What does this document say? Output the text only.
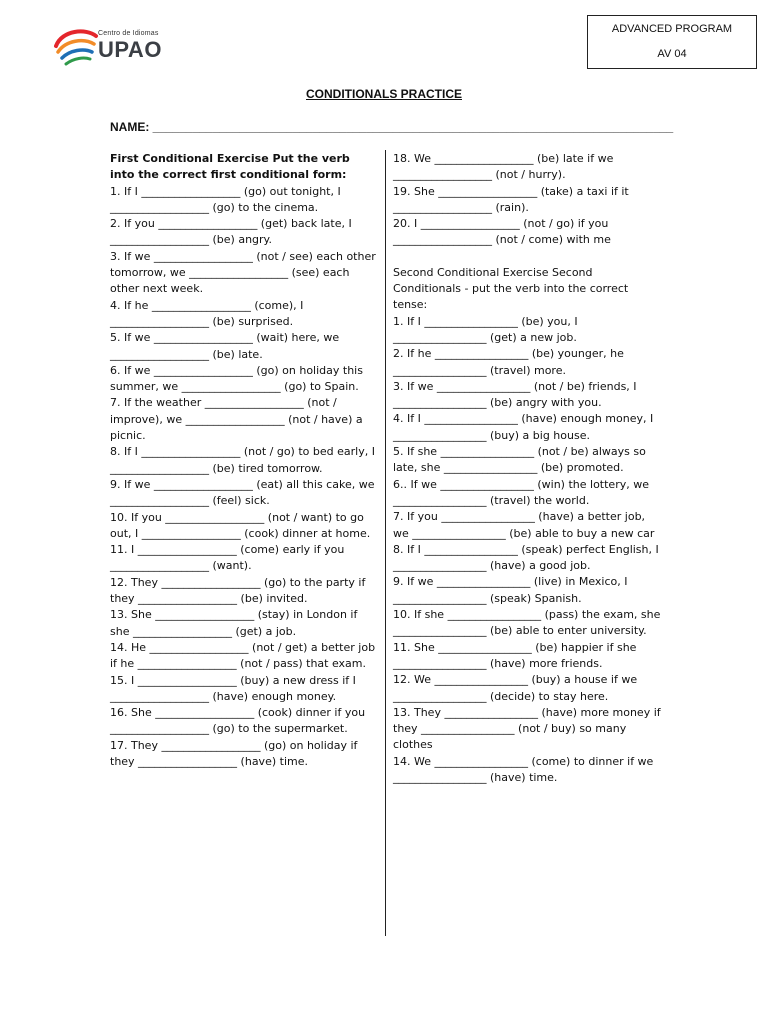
Centro de Idiomas
UPAO
ADVANCED PROGRAM
AV 04
CONDITIONALS PRACTICE
NAME: ______________________________________________________________________________

First Conditional Exercise Put the verb into the correct first conditional form:

1. If I __________________ (go) out tonight, I __________________ (go) to the cinema.

2. If you __________________ (get) back late, I __________________ (be) angry.

3. If we __________________ (not / see) each other tomorrow, we __________________ (see) each other next week.

4. If he __________________ (come), I __________________ (be) surprised.

5. If we __________________ (wait) here, we __________________ (be) late.

6. If we __________________ (go) on holiday this summer, we __________________ (go) to Spain.

7. If the weather __________________ (not / improve), we __________________ (not / have) a picnic.

8. If I __________________ (not / go) to bed early, I __________________ (be) tired tomorrow.

9. If we __________________ (eat) all this cake, we __________________ (feel) sick.

10. If you __________________ (not / want) to go out, I __________________ (cook) dinner at home.

11. I __________________ (come) early if you __________________ (want).

12. They __________________ (go) to the party if they __________________ (be) invited.

13. She __________________ (stay) in London if she __________________ (get) a job.

14. He __________________ (not / get) a better job if he __________________ (not / pass) that exam.

15. I __________________ (buy) a new dress if I __________________ (have) enough money.

16. She __________________ (cook) dinner if you __________________ (go) to the supermarket.

17. They __________________ (go) on holiday if they __________________ (have) time.

18. We __________________ (be) late if we __________________ (not / hurry).

19. She __________________ (take) a taxi if it __________________ (rain).

20. I __________________ (not / go) if you __________________ (not / come) with me

Second Conditional Exercise Second Conditionals - put the verb into the correct tense:

1. If I _________________ (be) you, I _________________ (get) a new job.

2. If he _________________ (be) younger, he _________________ (travel) more.

3. If we _________________ (not / be) friends, I _________________ (be) angry with you.

4. If I _________________ (have) enough money, I _________________ (buy) a big house.

5. If she _________________ (not / be) always so late, she _________________ (be) promoted.

6.. If we _________________ (win) the lottery, we _________________ (travel) the world.

7. If you _________________ (have) a better job, we _________________ (be) able to buy a new car

8. If I _________________ (speak) perfect English, I _________________ (have) a good job.

9. If we _________________ (live) in Mexico, I _________________ (speak) Spanish.

10. If she _________________ (pass) the exam, she _________________ (be) able to enter university.

11. She _________________ (be) happier if she _________________ (have) more friends.

12. We _________________ (buy) a house if we _________________ (decide) to stay here.

13. They _________________ (have) more money if they _________________ (not / buy) so many clothes

14. We _________________ (come) to dinner if we _________________ (have) time.
